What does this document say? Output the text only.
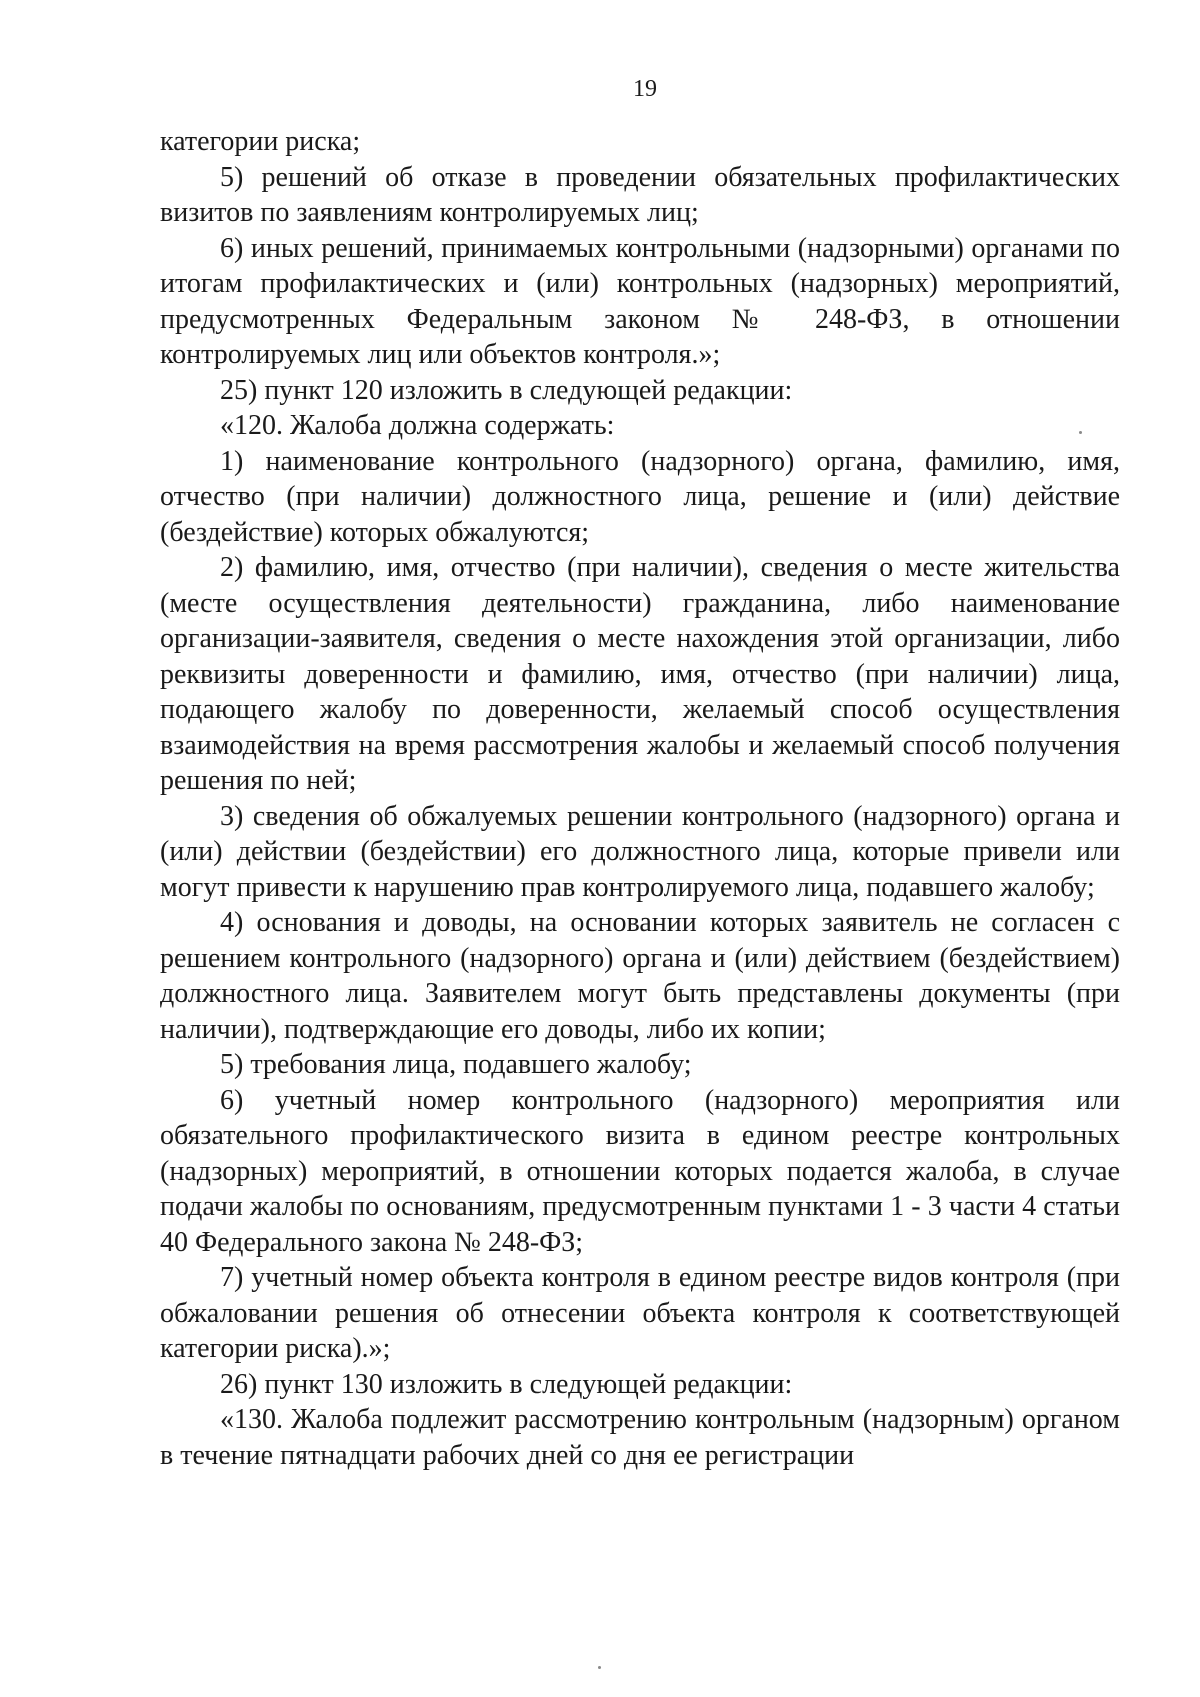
19

категории риска;

5) решений об отказе в проведении обязательных профилактических визитов по заявлениям контролируемых лиц;

6) иных решений, принимаемых контрольными (надзорными) органами по итогам профилактических и (или) контрольных (надзорных) мероприятий, предусмотренных Федеральным законом № 248-ФЗ, в отношении контролируемых лиц или объектов контроля.»;

25) пункт 120 изложить в следующей редакции:

«120. Жалоба должна содержать:

1) наименование контрольного (надзорного) органа, фамилию, имя, отчество (при наличии) должностного лица, решение и (или) действие (бездействие) которых обжалуются;

2) фамилию, имя, отчество (при наличии), сведения о месте жительства (месте осуществления деятельности) гражданина, либо наименование организации-заявителя, сведения о месте нахождения этой организации, либо реквизиты доверенности и фамилию, имя, отчество (при наличии) лица, подающего жалобу по доверенности, желаемый способ осуществления взаимодействия на время рассмотрения жалобы и желаемый способ получения решения по ней;

3) сведения об обжалуемых решении контрольного (надзорного) органа и (или) действии (бездействии) его должностного лица, которые привели или могут привести к нарушению прав контролируемого лица, подавшего жалобу;

4) основания и доводы, на основании которых заявитель не согласен с решением контрольного (надзорного) органа и (или) действием (бездействием) должностного лица. Заявителем могут быть представлены документы (при наличии), подтверждающие его доводы, либо их копии;

5) требования лица, подавшего жалобу;

6) учетный номер контрольного (надзорного) мероприятия или обязательного профилактического визита в едином реестре контрольных (надзорных) мероприятий, в отношении которых подается жалоба, в случае подачи жалобы по основаниям, предусмотренным пунктами 1 - 3 части 4 статьи 40 Федерального закона № 248-ФЗ;

7) учетный номер объекта контроля в едином реестре видов контроля (при обжаловании решения об отнесении объекта контроля к соответствующей категории риска).»;

26) пункт 130 изложить в следующей редакции:

«130. Жалоба подлежит рассмотрению контрольным (надзорным) органом в течение пятнадцати рабочих дней со дня ее регистрации
